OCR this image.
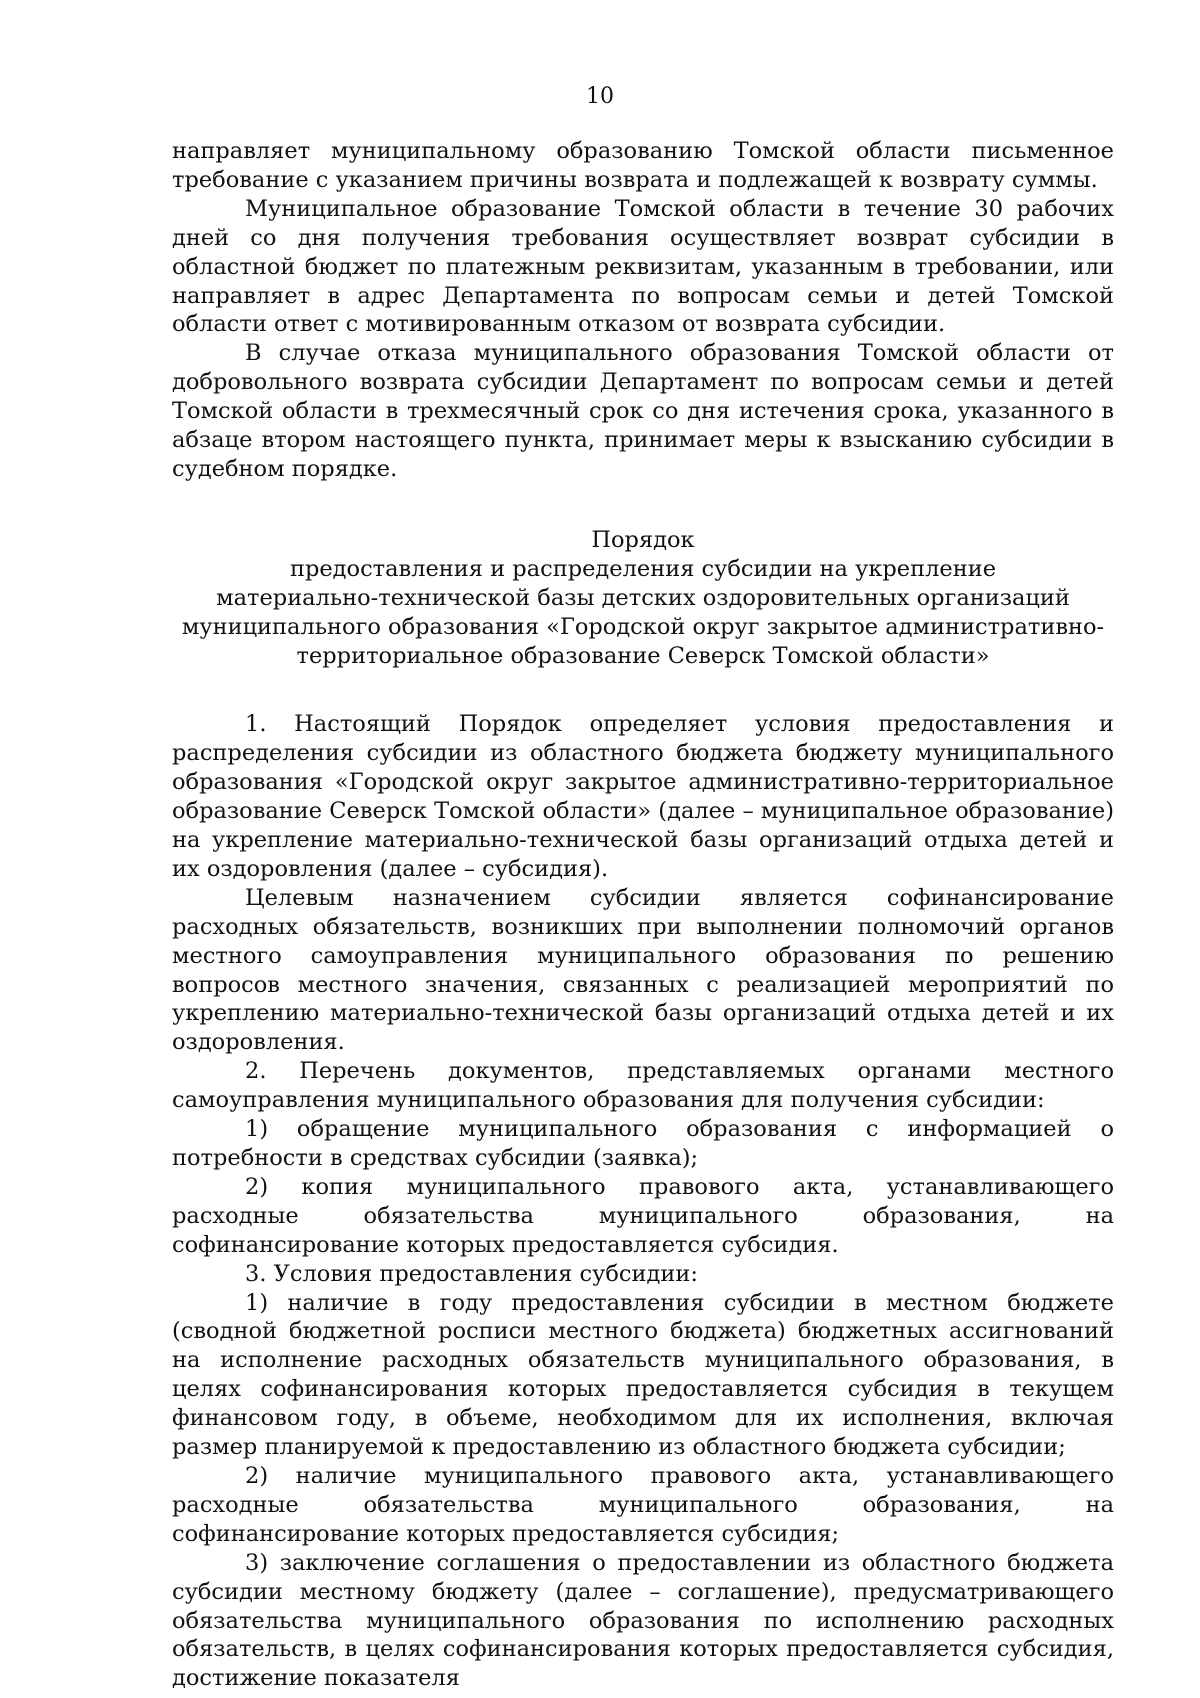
10

направляет муниципальному образованию Томской области письменное требование с указанием причины возврата и подлежащей к возврату суммы.

Муниципальное образование Томской области в течение 30 рабочих дней со дня получения требования осуществляет возврат субсидии в областной бюджет по платежным реквизитам, указанным в требовании, или направляет в адрес Департамента по вопросам семьи и детей Томской области ответ с мотивированным отказом от возврата субсидии.

В случае отказа муниципального образования Томской области от добровольного возврата субсидии Департамент по вопросам семьи и детей Томской области в трехмесячный срок со дня истечения срока, указанного в абзаце втором настоящего пункта, принимает меры к взысканию субсидии в судебном порядке.

Порядок
предоставления и распределения субсидии на укрепление
материально-технической базы детских оздоровительных организаций
муниципального образования «Городской округ закрытое административно-
территориальное образование Северск Томской области»

1. Настоящий Порядок определяет условия предоставления и распределения субсидии из областного бюджета бюджету муниципального образования «Городской округ закрытое административно-территориальное образование Северск Томской области» (далее – муниципальное образование) на укрепление материально-технической базы организаций отдыха детей и их оздоровления (далее – субсидия).

Целевым назначением субсидии является софинансирование расходных обязательств, возникших при выполнении полномочий органов местного самоуправления муниципального образования по решению вопросов местного значения, связанных с реализацией мероприятий по укреплению материально-технической базы организаций отдыха детей и их оздоровления.

2. Перечень документов, представляемых органами местного самоуправления муниципального образования для получения субсидии:

1) обращение муниципального образования с информацией о потребности в средствах субсидии (заявка);

2) копия муниципального правового акта, устанавливающего расходные обязательства муниципального образования, на софинансирование которых предоставляется субсидия.

3. Условия предоставления субсидии:

1) наличие в году предоставления субсидии в местном бюджете (сводной бюджетной росписи местного бюджета) бюджетных ассигнований на исполнение расходных обязательств муниципального образования, в целях софинансирования которых предоставляется субсидия в текущем финансовом году, в объеме, необходимом для их исполнения, включая размер планируемой к предоставлению из областного бюджета субсидии;

2) наличие муниципального правового акта, устанавливающего расходные обязательства муниципального образования, на софинансирование которых предоставляется субсидия;

3) заключение соглашения о предоставлении из областного бюджета субсидии местному бюджету (далее – соглашение), предусматривающего обязательства муниципального образования по исполнению расходных обязательств, в целях софинансирования которых предоставляется субсидия, достижение показателя
